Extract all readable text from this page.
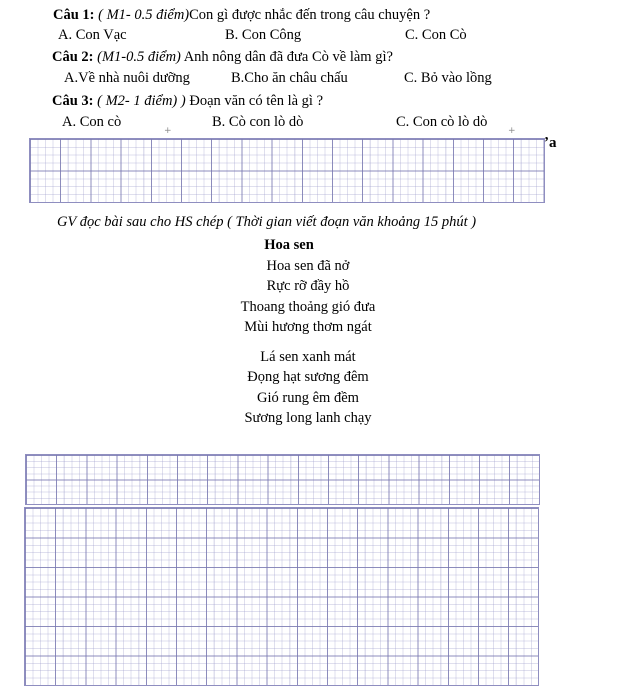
Câu 1: ( M1- 0.5 điểm)Con gì được nhắc đến trong câu chuyện ?
A. Con Vạc	B. Con Công	C. Con Cò
Câu 2: (M1-0.5 điểm) Anh nông dân đã đưa Cò về làm gì?
A.Về nhà nuôi dưỡng	B.Cho ăn châu chấu	C. Bỏ vào lồng
Câu 3: ( M2- 1 điểm) ) Đoạn văn có tên là gì ?
A. Con cò	B. Cò con lò dò	C. Con cò lò dò
+	+
ʼa
GV đọc bài sau cho HS chép ( Thời gian viết đoạn văn khoảng 15 phút )
Hoa sen
Hoa sen đã nở
Rực rỡ đầy hồ
Thoang thoảng gió đưa
Mùi hương thơm ngát
Lá sen xanh mát
Đọng hạt sương đêm
Gió rung êm đềm
Sương long lanh chạy
